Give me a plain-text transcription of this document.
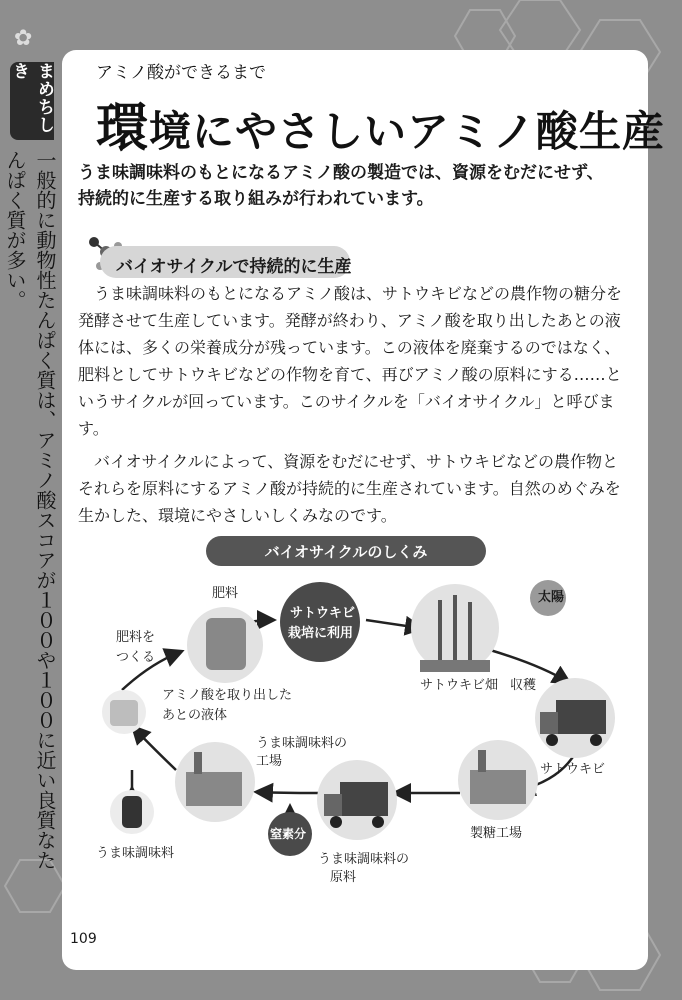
✿
まめちしき
一般的に動物性たんぱく質は、アミノ酸スコアが１００や１００に近い良質なたんぱく質が多い。
アミノ酸ができるまで
環境にやさしいアミノ酸生産
うま味調味料のもとになるアミノ酸の製造では、資源をむだにせず、持続的に生産する取り組みが行われています。
バイオサイクルで持続的に生産

うま味調味料のもとになるアミノ酸は、サトウキビなどの農作物の糖分を発酵させて生産しています。発酵が終わり、アミノ酸を取り出したあとの液体には、多くの栄養成分が残っています。この液体を廃棄するのではなく、肥料としてサトウキビなどの作物を育て、再びアミノ酸の原料にする……というサイクルが回っています。このサイクルを「バイオサイクル」と呼びます。

バイオサイクルによって、資源をむだにせず、サトウキビなどの農作物とそれらを原料にするアミノ酸が持続的に生産されています。自然のめぐみを生かした、環境にやさしいしくみなのです。

バイオサイクルのしくみ
肥料
肥料を
つくる
サトウキビ
栽培に利用
太陽
サトウキビ畑 収穫
サトウキビ
製糖工場
うま味調味料の
原料
窒素分
うま味調味料の
工場
アミノ酸を取り出した
あとの液体
うま味調味料
109
